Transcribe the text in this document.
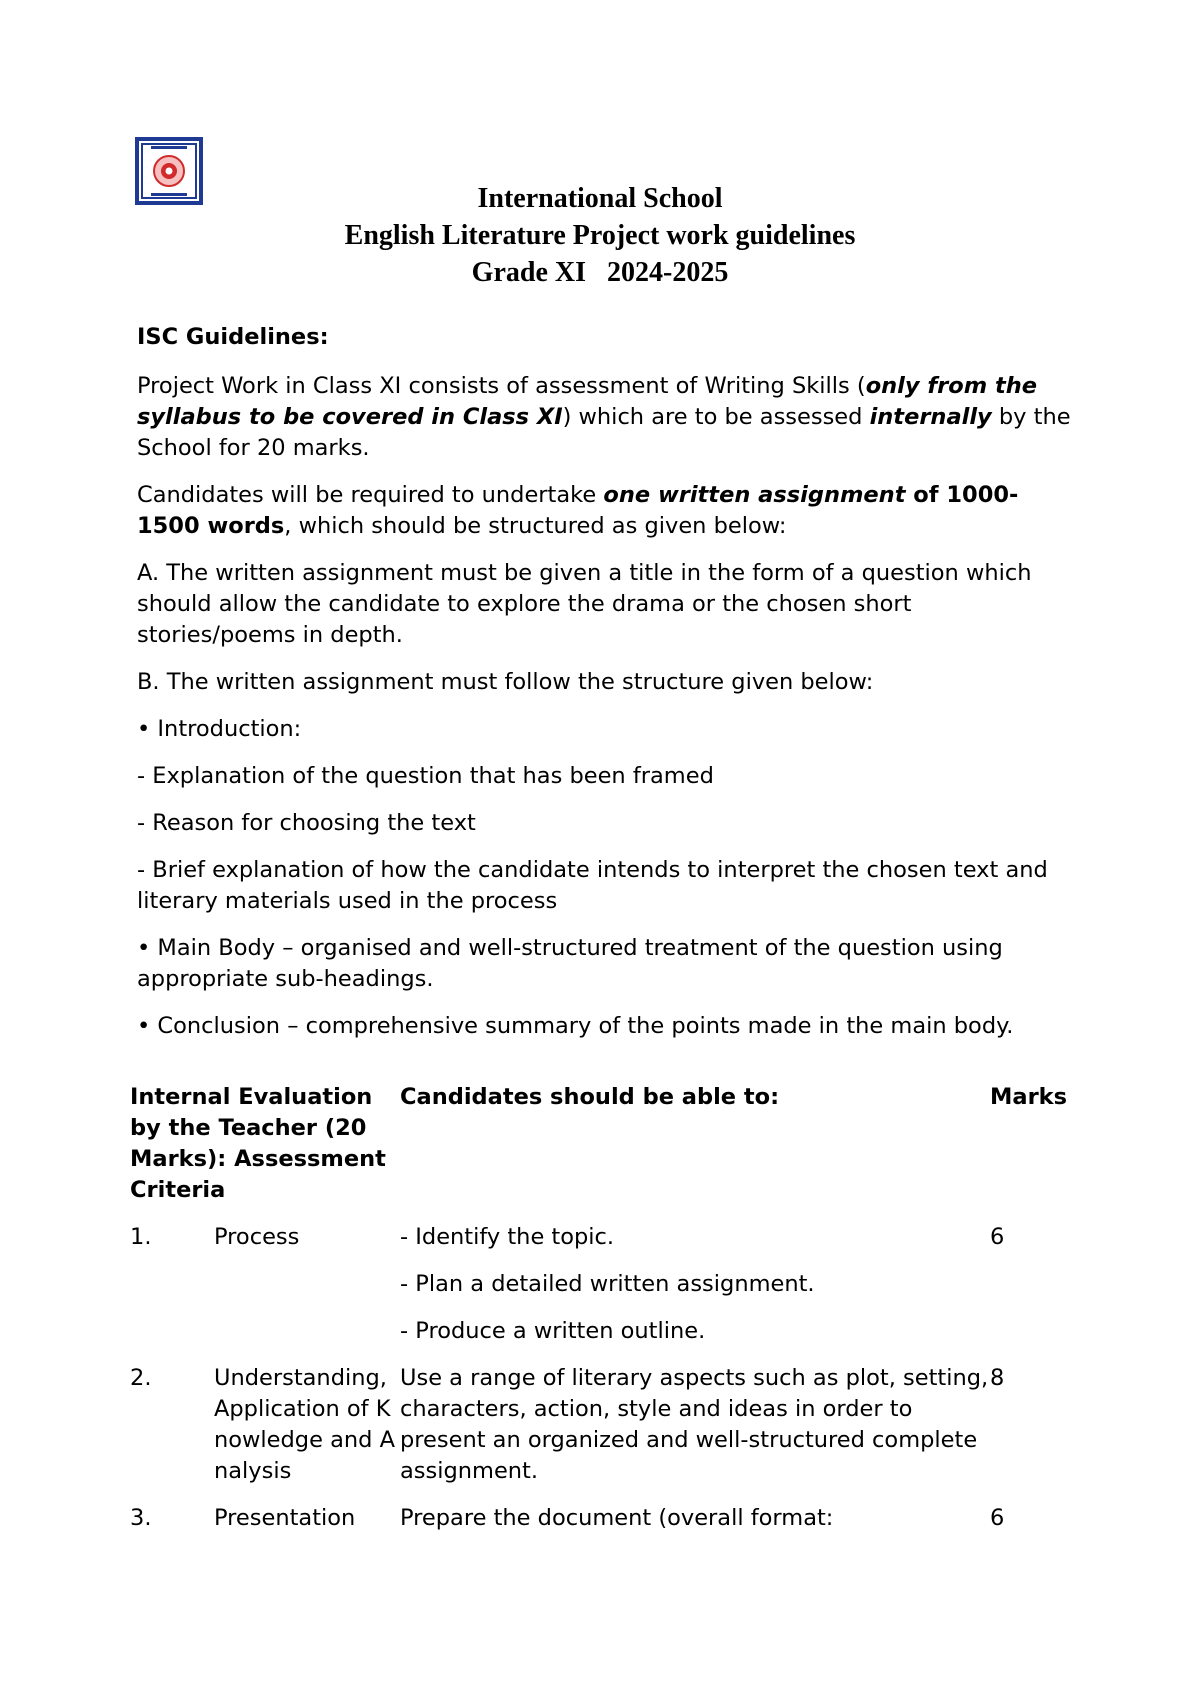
International School
English Literature Project work guidelines
Grade XI   2024-2025

ISC Guidelines:

Project Work in Class XI consists of assessment of Writing Skills (only from the syllabus to be covered in Class XI) which are to be assessed internally by the School for 20 marks.

Candidates will be required to undertake one written assignment of 1000-1500 words, which should be structured as given below:

A. The written assignment must be given a title in the form of a question which should allow the candidate to explore the drama or the chosen short stories/poems in depth.

B. The written assignment must follow the structure given below:

• Introduction:

- Explanation of the question that has been framed

- Reason for choosing the text

- Brief explanation of how the candidate intends to interpret the chosen text and literary materials used in the process

• Main Body – organised and well-structured treatment of the question using appropriate sub-headings.

• Conclusion – comprehensive summary of the points made in the main body.

Internal Evaluation by the Teacher (20 Marks): Assessment Criteria		Candidates should be able to:	Marks
1.	Process	- Identify the topic.
- Plan a detailed written assignment.
- Produce a written outline.	6
2.	Understanding, Application of Knowledge and Analysis	Use a range of literary aspects such as plot, setting, characters, action, style and ideas in order to present an organized and well-structured complete assignment.	8
3.	Presentation	Prepare the document (overall format:	6
